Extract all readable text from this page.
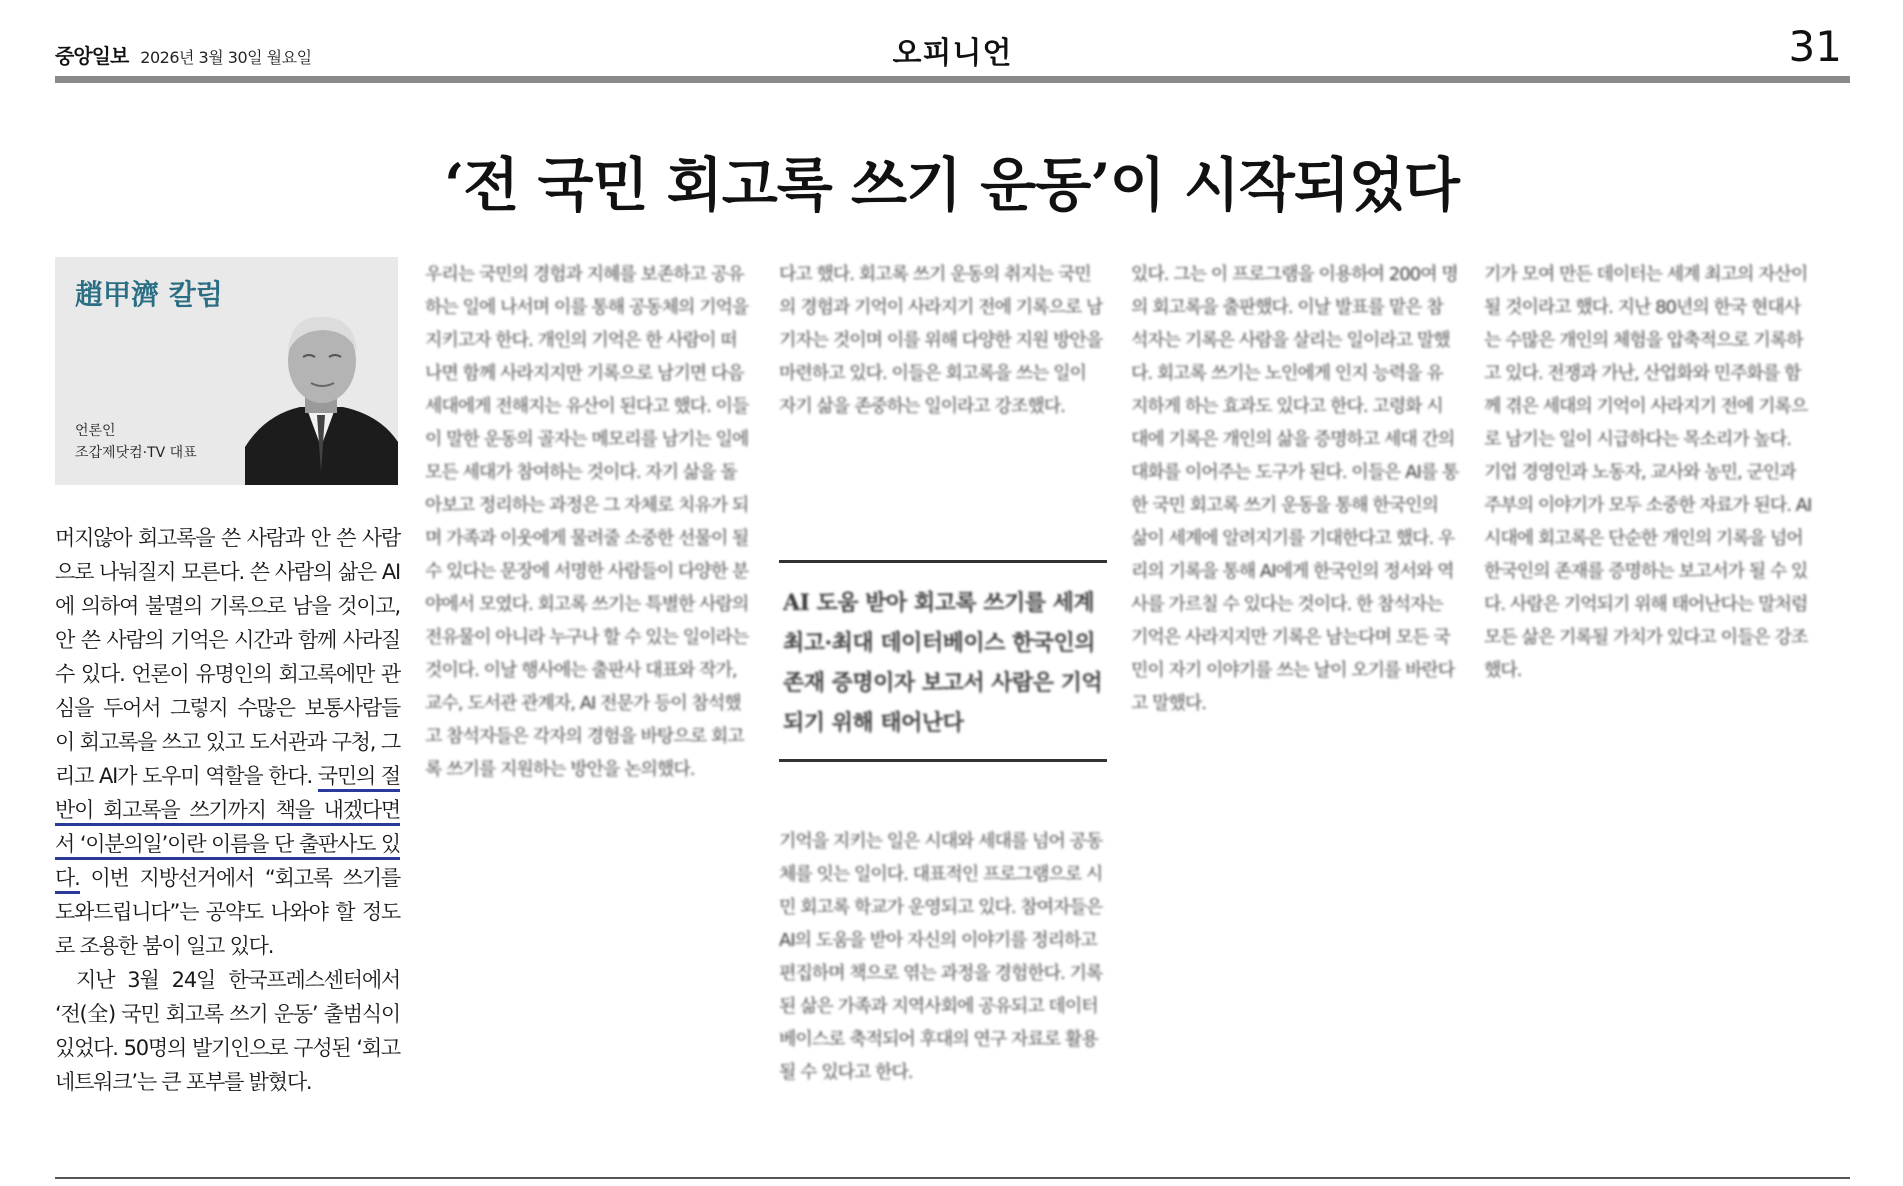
중앙일보 2026년 3월 30일 월요일	오피니언	31
‘전 국민 회고록 쓰기 운동’이 시작되었다
趙甲濟 칼럼
언론인
조갑제닷컴·TV 대표

머지않아 회고록을 쓴 사람과 안 쓴 사람으로 나눠질지 모른다. 쓴 사람의 삶은 AI에 의하여 불멸의 기록으로 남을 것이고, 안 쓴 사람의 기억은 시간과 함께 사라질 수 있다. 언론이 유명인의 회고록에만 관심을 두어서 그렇지 수많은 보통사람들이 회고록을 쓰고 있고 도서관과 구청, 그리고 AI가 도우미 역할을 한다. 국민의 절반이 회고록을 쓰기까지 책을 내겠다면서 ‘이분의일’이란 이름을 단 출판사도 있다. 이번 지방선거에서 “회고록 쓰기를 도와드립니다”는 공약도 나와야 할 정도로 조용한 붐이 일고 있다.

지난 3월 24일 한국프레스센터에서 ‘전(全) 국민 회고록 쓰기 운동’ 출범식이 있었다. 50명의 발기인으로 구성된 ‘회고 네트워크’는 큰 포부를 밝혔다.

우리는 국민의 경험과 지혜를 보존하고 공유하는 일에 나서며 이를 통해 공동체의 기억을 지키고자 한다. 개인의 기억은 한 사람이 떠나면 함께 사라지지만 기록으로 남기면 다음 세대에게 전해지는 유산이 된다고 했다. 이들이 말한 운동의 골자는 메모리를 남기는 일에 모든 세대가 참여하는 것이다. 자기 삶을 돌아보고 정리하는 과정은 그 자체로 치유가 되며 가족과 이웃에게 물려줄 소중한 선물이 될 수 있다는 문장에 서명한 사람들이 다양한 분야에서 모였다. 회고록 쓰기는 특별한 사람의 전유물이 아니라 누구나 할 수 있는 일이라는 것이다. 이날 행사에는 출판사 대표와 작가, 교수, 도서관 관계자, AI 전문가 등이 참석했고 참석자들은 각자의 경험을 바탕으로 회고록 쓰기를 지원하는 방안을 논의했다.

다고 했다. 회고록 쓰기 운동의 취지는 국민의 경험과 기억이 사라지기 전에 기록으로 남기자는 것이며 이를 위해 다양한 지원 방안을 마련하고 있다. 이들은 회고록을 쓰는 일이 자기 삶을 존중하는 일이라고 강조했다.

AI 도움 받아 회고록 쓰기를 세계 최고·최대 데이터베이스 한국인의 존재 증명이자 보고서 사람은 기억되기 위해 태어난다

기억을 지키는 일은 시대와 세대를 넘어 공동체를 잇는 일이다. 대표적인 프로그램으로 시민 회고록 학교가 운영되고 있다. 참여자들은 AI의 도움을 받아 자신의 이야기를 정리하고 편집하며 책으로 엮는 과정을 경험한다. 기록된 삶은 가족과 지역사회에 공유되고 데이터베이스로 축적되어 후대의 연구 자료로 활용될 수 있다고 한다.

있다. 그는 이 프로그램을 이용하여 200여 명의 회고록을 출판했다. 이날 발표를 맡은 참석자는 기록은 사람을 살리는 일이라고 말했다. 회고록 쓰기는 노인에게 인지 능력을 유지하게 하는 효과도 있다고 한다. 고령화 시대에 기록은 개인의 삶을 증명하고 세대 간의 대화를 이어주는 도구가 된다. 이들은 AI를 통한 국민 회고록 쓰기 운동을 통해 한국인의 삶이 세계에 알려지기를 기대한다고 했다. 우리의 기록을 통해 AI에게 한국인의 정서와 역사를 가르칠 수 있다는 것이다. 한 참석자는 기억은 사라지지만 기록은 남는다며 모든 국민이 자기 이야기를 쓰는 날이 오기를 바란다고 말했다.

기가 모여 만든 데이터는 세계 최고의 자산이 될 것이라고 했다. 지난 80년의 한국 현대사는 수많은 개인의 체험을 압축적으로 기록하고 있다. 전쟁과 가난, 산업화와 민주화를 함께 겪은 세대의 기억이 사라지기 전에 기록으로 남기는 일이 시급하다는 목소리가 높다. 기업 경영인과 노동자, 교사와 농민, 군인과 주부의 이야기가 모두 소중한 자료가 된다. AI 시대에 회고록은 단순한 개인의 기록을 넘어 한국인의 존재를 증명하는 보고서가 될 수 있다. 사람은 기억되기 위해 태어난다는 말처럼 모든 삶은 기록될 가치가 있다고 이들은 강조했다.
